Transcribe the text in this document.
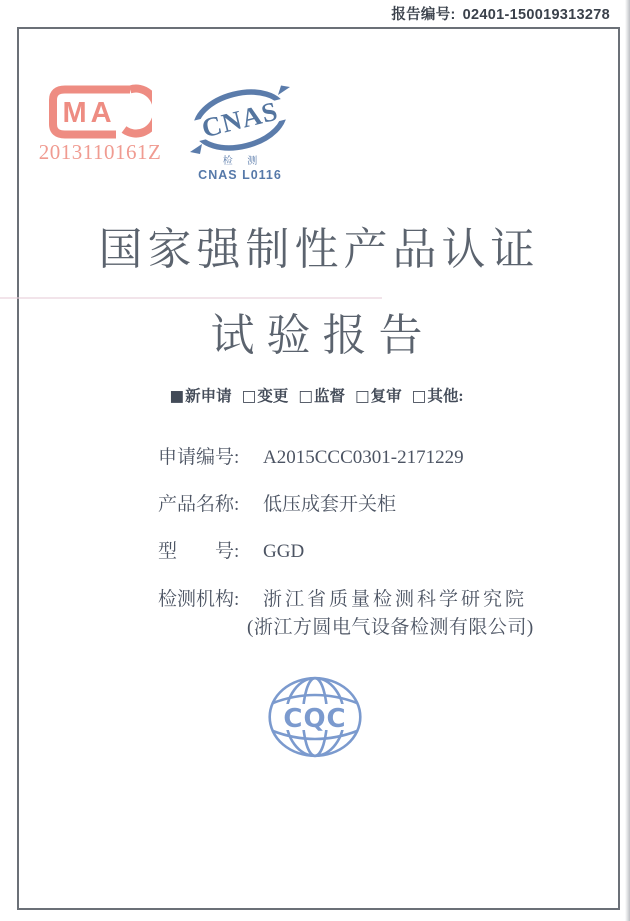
报告编号: 02401-150019313278
MA
2013110161Z
CNAS
检 测
CNAS L0116
国家强制性产品认证
试验报告
■新申请 □变更 □监督 □复审 □其他:
申请编号:	A2015CCC0301-2171229
产品名称:	低压成套开关柜
型　　号:	GGD
检测机构:	浙江省质量检测科学研究院
(浙江方圆电气设备检测有限公司)
CQC
